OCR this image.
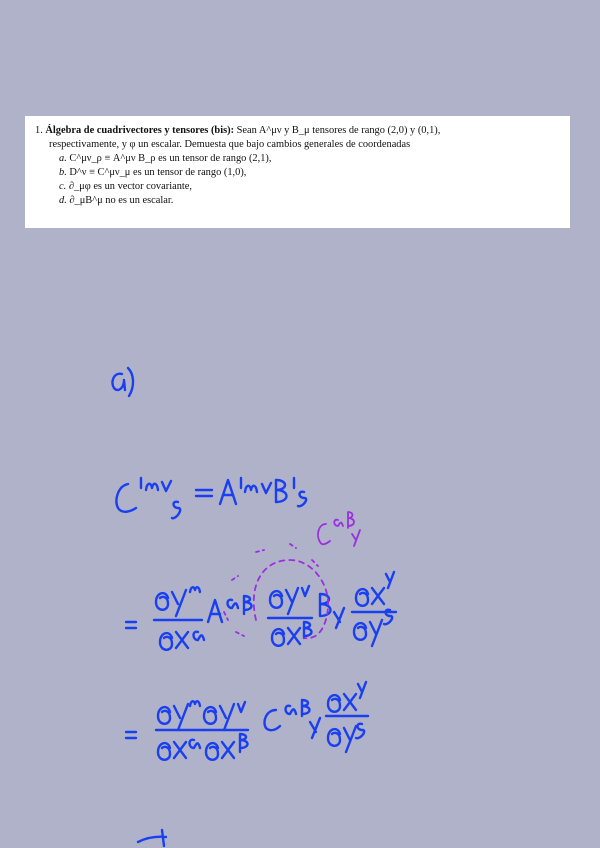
1. Álgebra de cuadrivectores y tensores (bis): Sean A^μν y B_μ tensores de rango (2,0) y (0,1),
respectivamente, y φ un escalar. Demuesta que bajo cambios generales de coordenadas
a. C^μν_ρ ≡ A^μν B_ρ es un tensor de rango (2,1),
b. D^ν ≡ C^μν_μ es un tensor de rango (1,0),
c. ∂_μφ es un vector covariante,
d. ∂_μB^μ no es un escalar.
